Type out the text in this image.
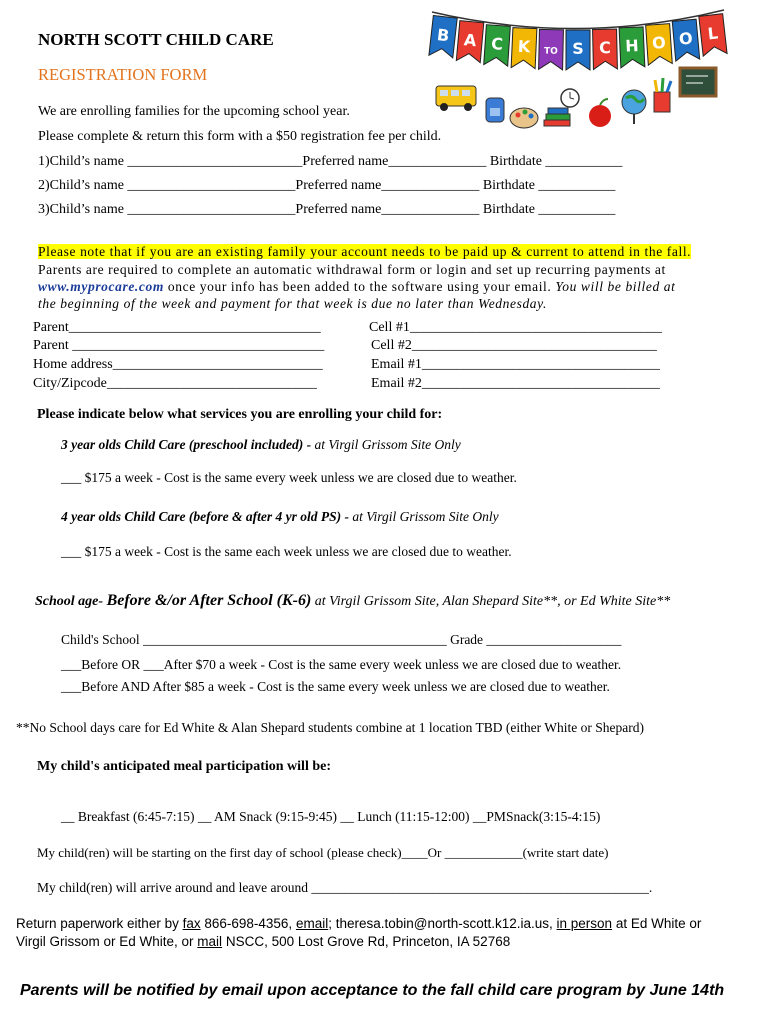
NORTH SCOTT CHILD CARE
REGISTRATION FORM
B A C K TO S C H O O L
We are enrolling families for the upcoming school year.
Please complete & return this form with a $50 registration fee per child.
1)Child’s name _________________________Preferred name______________ Birthdate ___________
2)Child’s name ________________________Preferred name______________ Birthdate ___________
3)Child’s name ________________________Preferred name______________ Birthdate ___________
Please note that if you are an existing family your account needs to be paid up & current to attend in the fall.
Parents are required to complete an automatic withdrawal form or login and set up recurring payments at
www.myprocare.com once your info has been added to the software using your email. You will be billed at
the beginning of the week and payment for that week is due no later than Wednesday.
Parent____________________________________
Parent ____________________________________
Home address______________________________
City/Zipcode______________________________
Cell #1____________________________________
Cell #2___________________________________
Email #1__________________________________
Email #2__________________________________
Please indicate below what services you are enrolling your child for:
3 year olds Child Care (preschool included) - at Virgil Grissom Site Only
___ $175 a week - Cost is the same every week unless we are closed due to weather.
4 year olds Child Care (before & after 4 yr old PS) - at Virgil Grissom Site Only
___ $175 a week - Cost is the same each week unless we are closed due to weather.
School age- Before &/or After School (K-6) at Virgil Grissom Site, Alan Shepard Site**, or Ed White Site**
Child's School _____________________________________________ Grade ____________________
___Before OR ___After $70 a week - Cost is the same every week unless we are closed due to weather.
___Before AND After $85 a week - Cost is the same every week unless we are closed due to weather.
**No School days care for Ed White & Alan Shepard students combine at 1 location TBD (either White or Shepard)
My child's anticipated meal participation will be:
__ Breakfast (6:45-7:15) __ AM Snack (9:15-9:45) __ Lunch (11:15-12:00) __PMSnack(3:15-4:15)
My child(ren) will be starting on the first day of school (please check)____Or ____________(write start date)
My child(ren) will arrive around and leave around __________________________________________________.
Return paperwork either by fax 866-698-4356, email; theresa.tobin@north-scott.k12.ia.us, in person at Ed White or
Virgil Grissom or Ed White, or mail NSCC, 500 Lost Grove Rd, Princeton, IA 52768
Parents will be notified by email upon acceptance to the fall child care program by June 14th
